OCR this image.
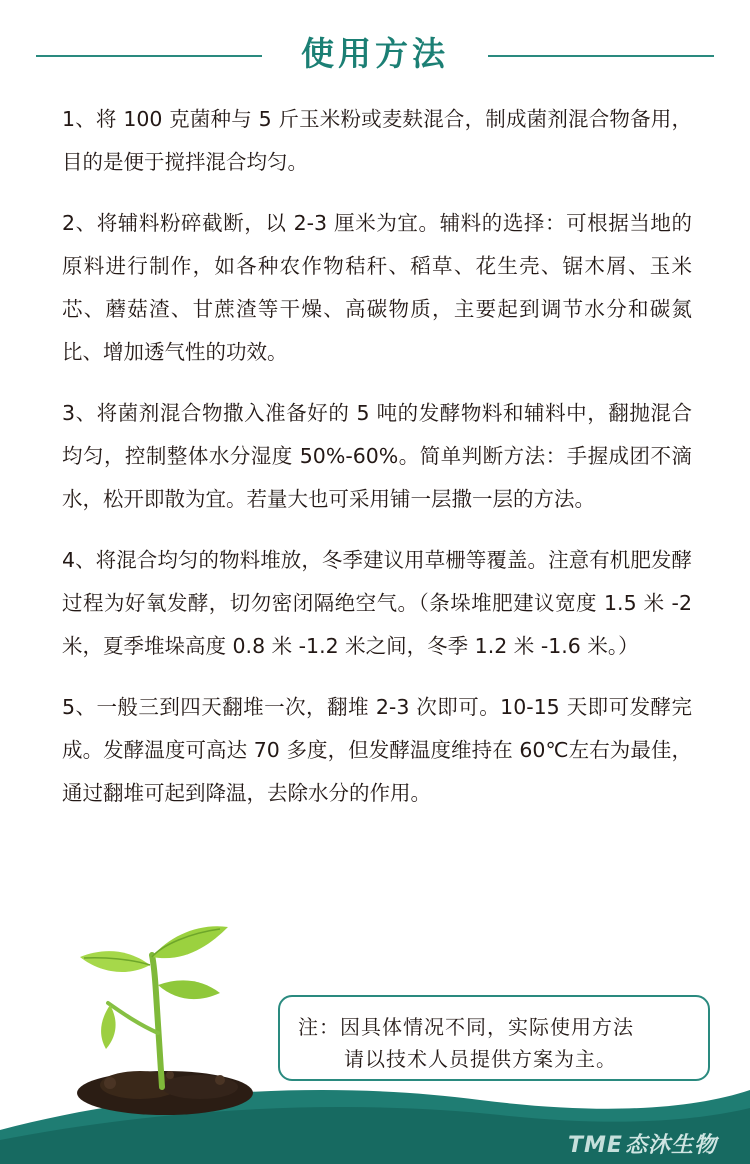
使用方法

1、将 100 克菌种与 5 斤玉米粉或麦麸混合，制成菌剂混合物备用，目的是便于搅拌混合均匀。

2、将辅料粉碎截断，以 2-3 厘米为宜。辅料的选择：可根据当地的原料进行制作，如各种农作物秸秆、稻草、花生壳、锯木屑、玉米芯、蘑菇渣、甘蔗渣等干燥、高碳物质，主要起到调节水分和碳氮比、增加透气性的功效。

3、将菌剂混合物撒入准备好的 5 吨的发酵物料和辅料中，翻抛混合均匀，控制整体水分湿度 50%-60%。简单判断方法：手握成团不滴水，松开即散为宜。若量大也可采用铺一层撒一层的方法。

4、将混合均匀的物料堆放，冬季建议用草栅等覆盖。注意有机肥发酵过程为好氧发酵，切勿密闭隔绝空气。（条垛堆肥建议宽度 1.5 米 -2 米，夏季堆垛高度 0.8 米 -1.2 米之间，冬季 1.2 米 -1.6 米。）

5、一般三到四天翻堆一次，翻堆 2-3 次即可。10-15 天即可发酵完成。发酵温度可高达 70 多度，但发酵温度维持在 60℃左右为最佳，通过翻堆可起到降温，去除水分的作用。

注：因具体情况不同，实际使用方法
请以技术人员提供方案为主。
TME态沐生物
